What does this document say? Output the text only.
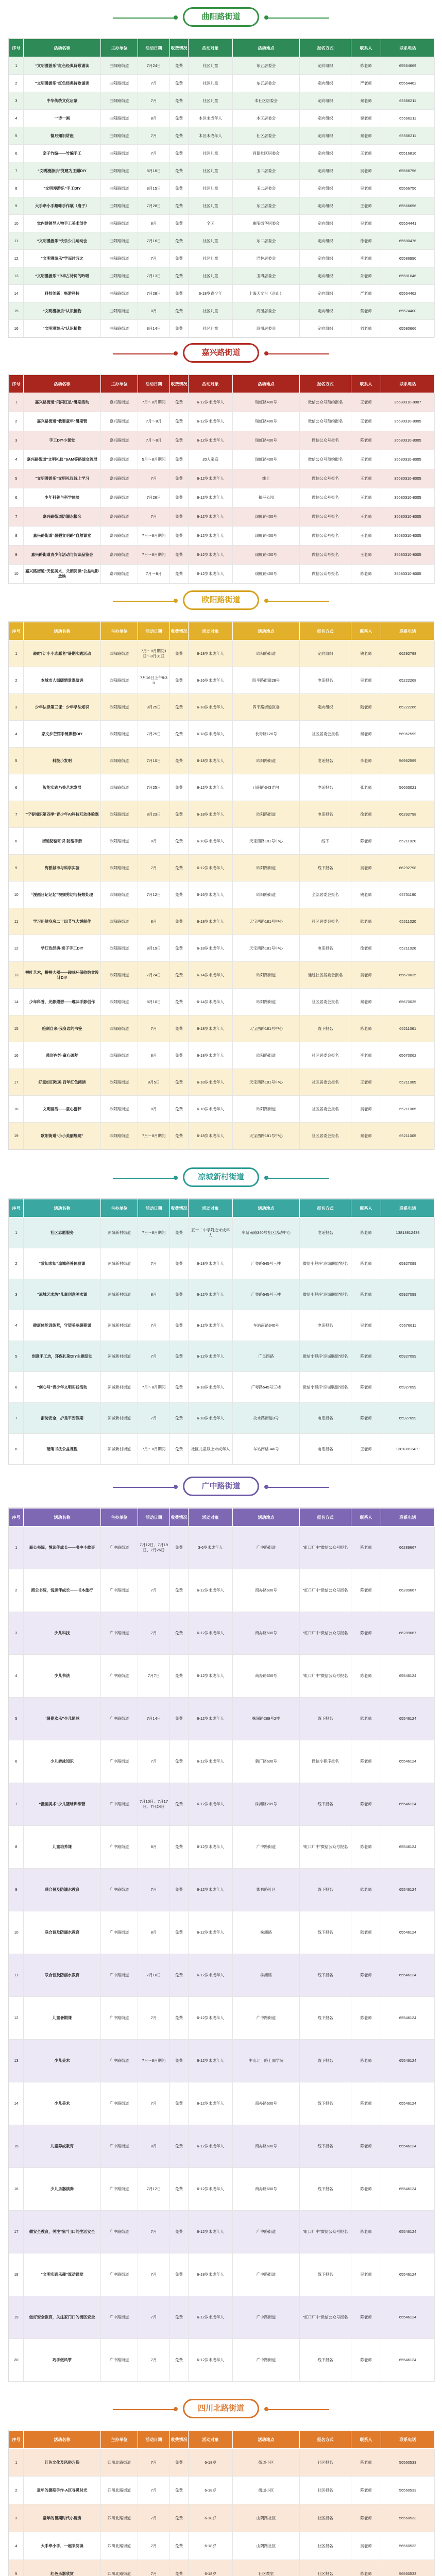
曲阳路街道
序号	活动名称	主办单位	活动日期	收费情况	活动对象	活动地点	报名方式	联系人	联系电话
1	“文明漫游乐”红色经典诗歌诵读	曲阳路街道	7月24日	免费	社区儿童	东五居委会	定向组织	陈老师	65564669
2	“文明漫游乐”红色经典诗歌诵读	曲阳路街道	7月	免费	社区儿童	东五居委会	定向组织	严老师	65564462
3	中华传统文化启蒙	曲阳路街道	7月	免费	社区儿童	本社区居委会	定向组织	秦老师	65566211
4	一诗一画	曲阳路街道	8月	免费	本区未成年人	本区居委会	定向组织	秦老师	65566211
5	德月知识讲座	曲阳路街道	7月	免费	本区未成年人	社区居委会	定向组织	秦老师	65566211
6	亲子竹编——竹编手工	曲阳路街道	7月	免费	社区儿童	同德社区居委会	定向组织	王老师	65516816
7	“文明漫游乐”党建为主题DIY	曲阳路街道	8月16日	免费	社区儿童	玉二居委会	定向组织	吴老师	65566756
8	“文明漫游乐”手工DIY	曲阳路街道	8月15日	免费	社区儿童	玉二居委会	定向组织	吴老师	65566756
9	大手牵小手趣味手作展（扇子）	曲阳路街道	7月28日	免费	社区儿童	东三居委会	定向组织	王老师	65566656
10	党内建领导人物手工美术创作	曲阳路街道	8月	免费	全区	曲阳街华居委会	定向组织	吴老师	65554441
11	“文明漫游乐”快乐少儿运动会	曲阳路街道	7月16日	免费	社区儿童	东二居委会	定向组织	徐老师	65580476
12	“文明漫游乐”学而时习之	曲阳路街道	7月	免费	社区儿童	巴林居委会	定向组织	李老师	65586990
13	“文明漫游乐”中华古诗词的吟唱	曲阳路街道	7月13日	免费	社区儿童	玉四居委会	定向组织	朱老师	65581046
14	科技创新：畅游科技	曲阳路街道	7月28日	免费	6-18岁青少年	上海天文台（佘山）	定向组织	严老师	65564462
15	“文明漫游乐”认识植物	曲阳路街道	8月	免费	社区儿童	鸿图居委会	定向组织	蔡老师	65574400
16	“文明漫游乐”认识植物	曲阳路街道	8月14日	免费	社区儿童	鸿图居委会	定向组织	刘老师	65580666
嘉兴路街道
序号	活动名称	主办单位	活动日期	收费情况	活动对象	活动地点	报名方式	联系人	联系电话
1	嘉兴路街道“闪闪红星”暑期活动	嘉兴路街道	7月～8月期间	免费	6-12岁未成年人	瑞虹路400号	微信公众号预约报名	王老师	35680310-8007
2	嘉兴路街道“我要童年”暑期营	嘉兴路街道	7月～8月	免费	6-12岁未成年人	瑞虹路400号	微信公众号预约报名	王老师	35680310-8005
3	手工DIY小课堂	嘉兴路街道	7月～8月	免费	6-12岁未成年人	瑞虹路400号	微信公众号报名	陈老师	35680310-8005
4	嘉兴路街道“文明礼仪”SAM等路演交流展	嘉兴路街道	5月～8月期间	免费	20人家庭	瑞虹路400号	微信公众号预约报名	王老师	35680310-8005
5	“文明漫游乐”文明礼仪线上学习	嘉兴路街道	7月	免费	6-12岁未成年人	线上	微信公众号报名	王老师	35680310-8005
6	少年科普与科学体验	嘉兴路街道	7月26日	免费	6-12岁未成年人	和平公园	微信公众号报名	王老师	35680310-8005
7	嘉兴路街道防溺水报名	嘉兴路街道	7月	免费	6-12岁未成年人	瑞虹路400号	微信公众号报名	王老师	35680310-8005
8	嘉兴路街道“暑假文明路”自然课堂	嘉兴路街道	7月～8月期间	免费	6-12岁未成年人	瑞虹路400号	微信公众号报名	王老师	35680310-8005
9	嘉兴路街道青少年活动与阅读品鉴会	嘉兴路街道	7月～8月期间	免费	6-12岁未成年人	瑞虹路400号	微信公众号报名	王老师	35680310-8005
10	嘉兴路街道“天使美术、父朗阅读”公益电影放映	嘉兴路街道	7月～8月	免费	6-12岁未成年人	瑞虹路400号	微信公众号报名	陈老师	35680310-8005
欧阳路街道
序号	活动名称	主办单位	活动日期	收费情况	活动对象	活动地点	报名方式	联系人	联系电话
1	趣时代“小小志愿者”暑期实践活动	欧阳路街道	7月～8月期间1日～8月31日	免费	6-18岁未成年人	欧阳路街道	定向组织	钱老师	66292798
2	本城市人温暖情景课演讲	欧阳路街道	7月16日上午9:30	免费	6-16岁未成年人	四平路街道28号	电话报名	吴老师	65222268
3	少年法律第三课：少年学法知识	欧阳路街道	8月25日	免费	6-18岁未成年人	四平路街道区委	定向组织	陆老师	65222266
4	家文乡芒馆手链课程DIY	欧阳路街道	7月25日	免费	6-18岁未成年人	长青路126号	社区居委会报名	秦老师	56962599
5	科技小发明	欧阳路街道	7月10日	免费	6-18岁未成年人	欧阳路街道	电话报名	李老师	56962599
6	智能实践乃关艺术发展	欧阳路街道	7月25日	免费	6-12岁未成年人	山阴路343弄内	电话报名	张老师	56663021
7	“宁春知识第四季”青少年AI科技互动体验课	欧阳路街道	8月23日	免费	6-18岁未成年人	欧阳路街道	电话报名	徐老师	66292798
8	街道防溺知识·防溺手册	欧阳路街道	8月	免费	6-18岁未成年人	天宝西路181号中心	线下	陈老师	65211020
9	海派城市与科学实验	欧阳路街道	7月	免费	6-12岁未成年人	欧阳路街道	线下报名	吴老师	66292798
10	“漫画日记记忆”视频剪切与特效处理	欧阳路街道	7月12日	免费	6-16岁未成年人	欧阳路街道	全部居委会报名	钱老师	65751190
11	学习用健身房二十四节气大饼制作	欧阳路街道	8月	免费	6-18岁未成年人	天宝西路181号中心	社区居委会报名	陆老师	65211020
12	学红色经典·亲子手工DIY	欧阳路街道	8月19日	免费	6-18岁未成年人	天宝西路181号中心	电话报名	徐老师	65211026
13	拼叶艺术，拼拼大器——趣味环保收纳盒设计DIY	欧阳路街道	7月24日	免费	6-14岁未成年人	欧阳路街道	通过社区居委会报名	吴老师	65670035
14	少年科普，光影遐想——趣味手影创作	欧阳路街道	8月10日	免费	6-14岁未成年人	欧阳路街道	社区居委会报名	秦老师	65670035
15	绘制自来·我身边的书签	欧阳路街道	7月	免费	6-18岁未成年人	天宝西路181号中心	线下报名	陈老师	65211061
16	慈形内外·童心破梦	欧阳路街道	8月	免费	6-18岁未成年人	欧阳路街道	社区居委会报名	李老师	65670062
17	好童如旧吃美 百年红色阅读	欧阳路街道	8月5日	免费	6-18岁未成年人	天宝西路181号中心	社区居委会报名	王老师	65211005
18	文明画活——童心游梦	欧阳路街道	8月	免费	6-18岁未成年人	欧阳路街道	社区居委会报名	吴老师	65211005
19	欧阳街道“小小美丽展现”	欧阳路街道	7月～8月期间	免费	6-18岁未成年人	天宝西路181号中心	社区居委会报名	秦老师	65211005
凉城新村街道
序号	活动名称	主办单位	活动日期	收费情况	活动对象	活动地点	报名方式	联系人	联系电话
1	社区志愿服务	凉城新村街道	7月～8月期间	免费	五十二中学附近未成年人	车站南路340号社区活动中心	电话报名	陈老师	13818812439
2	“致知求知”凉城科普体验课	凉城新村街道	7月	免费	6-18岁未成年人	广粤路545号三楼	微信小程序“凉城联盟”报名	陈老师	65927099
3	“凉城艺术坊”儿童创意美术课	凉城新村街道	8月	免费	6-12岁未成年人	广粤路545号三楼	微信小程序“凉城联盟”报名	陈老师	65927099
4	健康体能训练营，守望美丽暑期课	凉城新村街道	7月	免费	6-12岁未成年人	车站南路340号	电话报名	吴老师	65676611
5	创意手工坊，环保扎染DIY主题活动	凉城新村街道	7月	免费	6-12岁未成年人	广灵四路	微信小程序“凉城联盟”报名	陈老师	65927099
6	“创心号”青少年文明实践活动	凉城新村街道	7月～8月期间	免费	6-18岁未成年人	广粤路545号三楼	微信小程序“凉城联盟”报名	陈老师	65927099
7	消防安全，护是平安假期	凉城新村街道	7月	免费	6-18岁未成年人	汶水路街道3号	电话报名	陈老师	65927099
8	硬笔书法公益课程	凉城新村街道	7月～8月期间	免费	社区儿童以上未成年人	车站南路340号	电话报名	王老师	13818812439
广中路街道
序号	活动名称	主办单位	活动日期	收费情况	活动对象	活动地点	报名方式	联系人	联系电话
1	商公书院，悦读伴成长——书中小故事	广中路街道	7月12日、7月19日、7月26日	免费	3-6岁未成年人	广中路街道	“虹口广中”微信公众号报名	陈老师	66289667
2	商公书院，悦读伴成长——书本旅行	广中路街道	7月	免费	6-12岁未成年人	商办路600号	“虹口广中”微信公众号报名	陈老师	66289667
3	少儿科技	广中路街道	7月	免费	6-12岁未成年人	商办路600号	“虹口广中”微信公众号报名	陈老师	66289667
4	少儿书法	广中路街道	7月7日	免费	6-12岁未成年人	商办路600号	“虹口广中”微信公众号报名	陈老师	65546124
5	“暑期欢乐”少儿篮球	广中路街道	7月14日	免费	6-12岁未成年人	株洲路289号2楼	线下报名	陆老师	65546124
6	少儿游泳知识	广中路街道	7月	免费	6-12岁未成年人	新广路600号	微信小程序报名	陈老师	65546124
7	“漫画美术”少儿篮球训练营	广中路街道	7月10日、7月17日、7月24日	免费	6-12岁未成年人	株洲路289号	线下报名	陈老师	65546124
8	儿童培养课	广中路街道	8月	免费	6-12岁未成年人	广中路街道	“虹口广中”微信公众号报名	陈老师	65546124
9	联合普及防溺水教育	广中路街道	7月	免费	6-12岁未成年人	邯郸路社区	线下报名	陆老师	65546124
10	联合普及防溺水教育	广中路街道	8月	免费	6-12岁未成年人	株洲路	线下报名	陆老师	65546124
11	联合普及防溺水教育	广中路街道	7月10日	免费	6-12岁未成年人	株洲路	线下报名	陈老师	65546124
12	儿童暑期课	广中路街道	7月	免费	6-12岁未成年人	广中路街道	线下报名	陈老师	65546124
13	少儿美术	广中路街道	7月～8月期间	免费	6-12岁未成年人	中山北一路上面学院	线下报名	陈老师	65546124
14	少儿美术	广中路街道	7月	免费	6-12岁未成年人	商办路600号	线下报名	陈老师	65546124
15	儿童养成教育	广中路街道	8月	免费	6-12岁未成年人	商办路600号	线下报名	陈老师	65546124
16	少儿乐器演奏	广中路街道	7月12日	免费	6-12岁未成年人	商办路600号	线下报名	陈老师	65546124
17	做安全教育，关注“家”门口的生活安全	广中路街道	7月	免费	6-12岁未成年人	广中路街道	“虹口广中”微信公众号报名	陈老师	65546124
18	“文明实践乐趣”流动课堂	广中路街道	7月	免费	6-18岁未成年人	广中路街道	线下报名	吴老师	65546124
19	做好安全教育，关注家门口的街区安全	广中路街道	7月	免费	6-12岁未成年人	广中路街道	“虹口广中”微信公众号报名	陈老师	65546124
20	巧手做风筝	广中路街道	7月	免费	6-12岁未成年人	广中路街道	线下报名	陈老师	65546124
四川北路街道
序号	活动名称	主办单位	活动日期	收费情况	活动对象	活动地点	报名方式	联系人	联系电话
1	红色文化及风俗习俗	四川北路街道	7月	免费	6-18岁	街道小区	社区报名	陈老师	56560533
2	童年的暑期手作·A区寻觅时光	四川北路街道	7月	免费	6-18岁	街道小区	社区报名	陈老师	56560533
3	童年的暑期时代小厨房	四川北路街道	7月	免费	6-18岁	山阴路社区	社区报名	陈老师	56560533
4	大手牵小手，一起来阅读	四川北路街道	7月	免费	6-18岁	山阴路社区	社区报名	吴老师	56560533
5	红色乐器欣赏	四川北路街道	7月	免费	6-18岁	社区教室	社区报名	陈老师	56560533
